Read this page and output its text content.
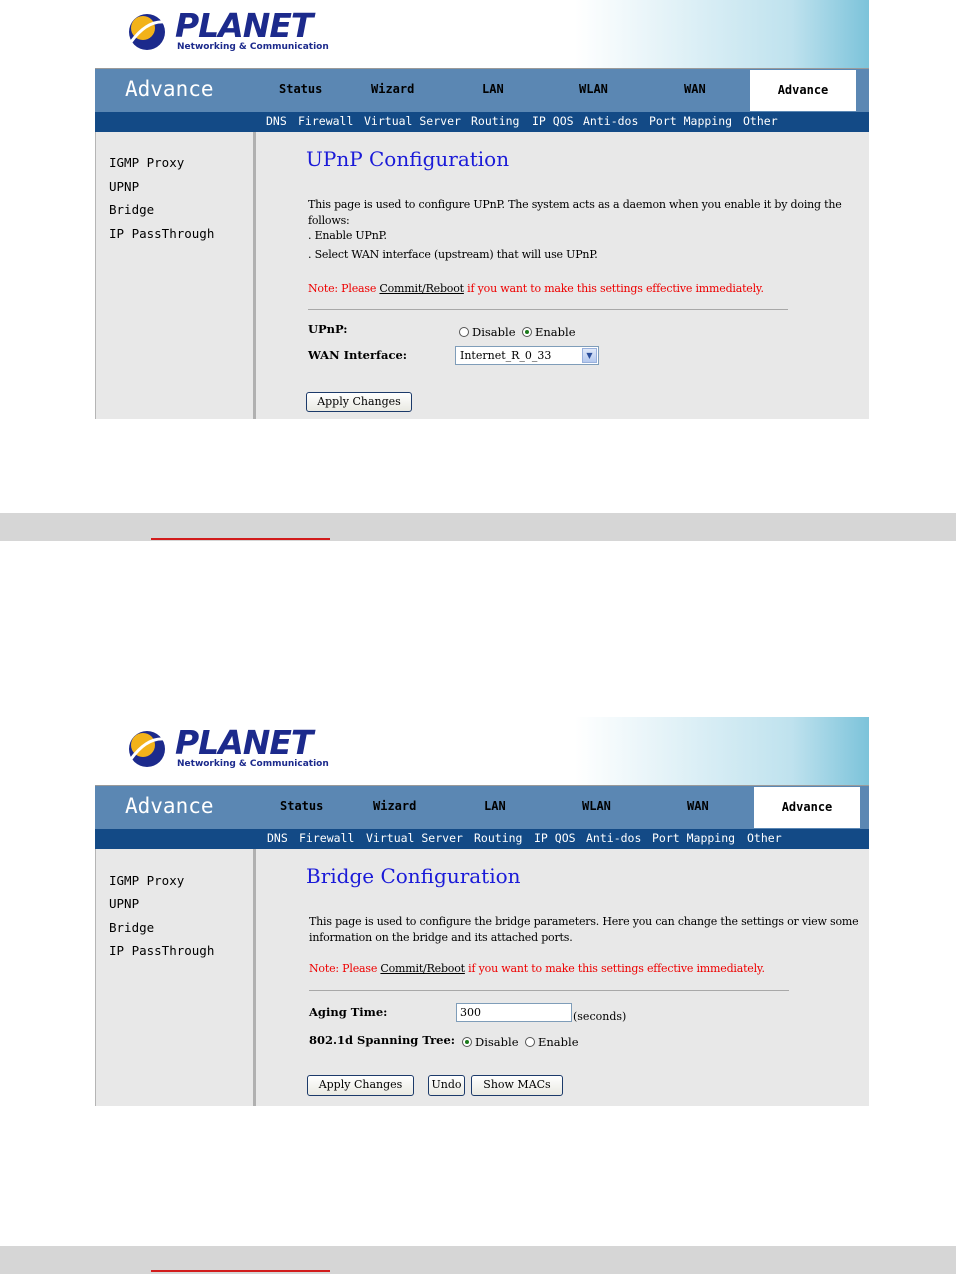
PLANET
Networking & Communication
Advance	Status	Wizard	LAN	WLAN	WAN	Advance
DNS Firewall Virtual Server Routing IP QOS Anti-dos Port Mapping Other
IGMP Proxy
UPNP
Bridge
IP PassThrough
UPnP Configuration
This page is used to configure UPnP. The system acts as a daemon when you enable it by doing the
follows:
. Enable UPnP.
. Select WAN interface (upstream) that will use UPnP.
Note: Please Commit/Reboot if you want to make this settings effective immediately.
UPnP:	Disable Enable
WAN Interface:	Internet_R_0_33	▼
Apply Changes
PLANET
Networking & Communication
Advance	Status	Wizard	LAN	WLAN	WAN	Advance
DNS Firewall Virtual Server Routing IP QOS Anti-dos Port Mapping Other
IGMP Proxy
UPNP
Bridge
IP PassThrough
Bridge Configuration
This page is used to configure the bridge parameters. Here you can change the settings or view some
information on the bridge and its attached ports.
Note: Please Commit/Reboot if you want to make this settings effective immediately.
Aging Time:	300	(seconds)
802.1d Spanning Tree: Disable Enable
Apply Changes	Undo	Show MACs
